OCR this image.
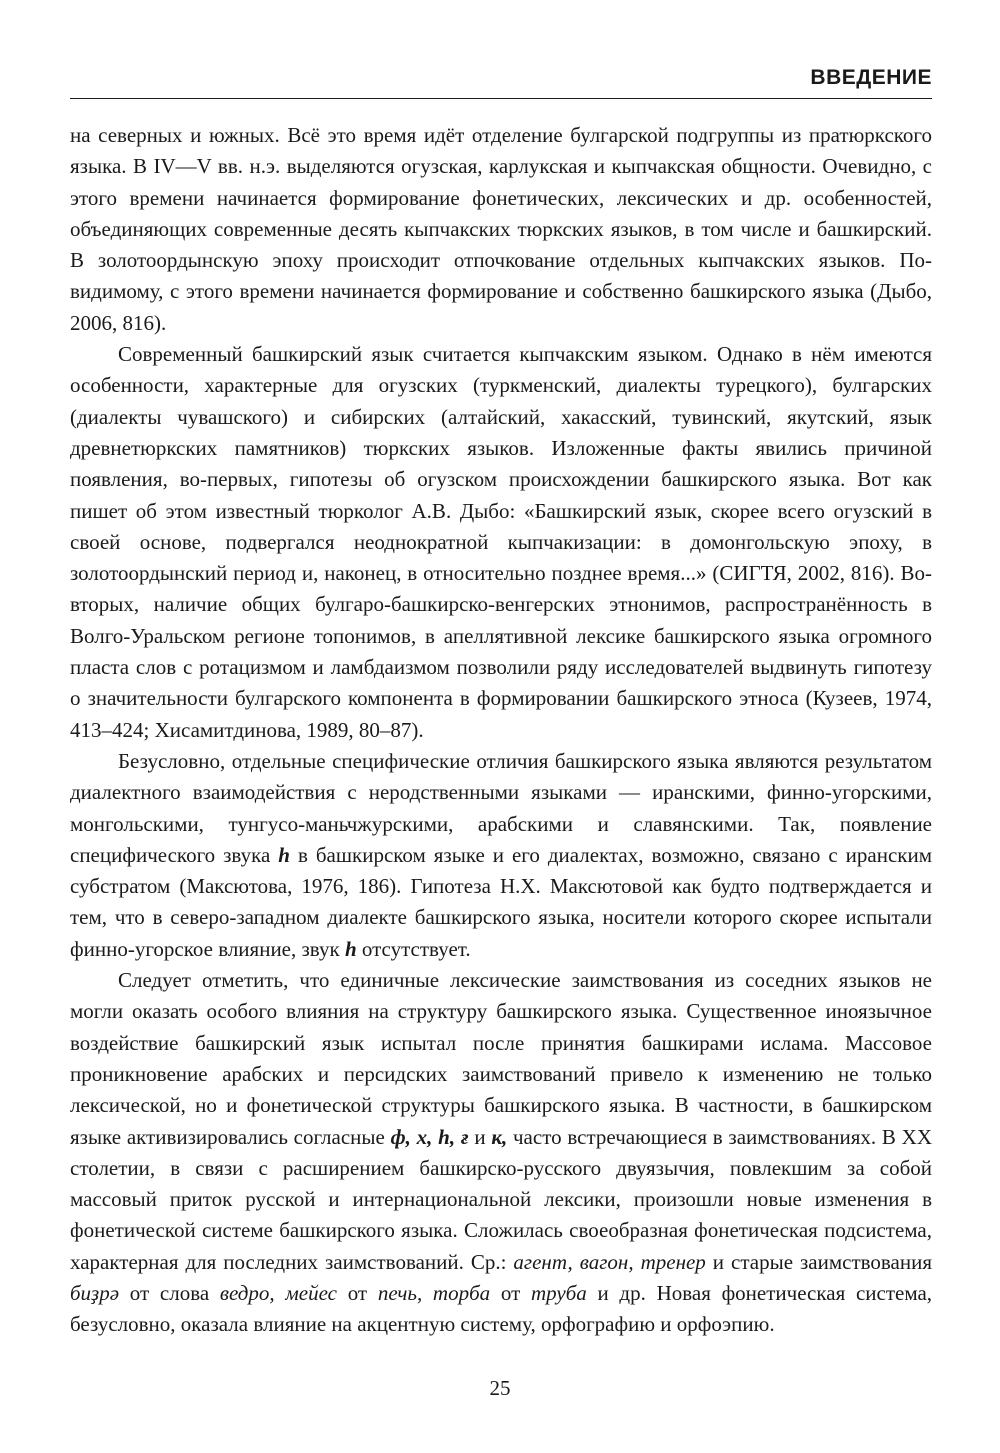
ВВЕДЕНИЕ

на северных и южных. Всё это время идёт отделение булгарской подгруппы из пратюркского языка. В IV—V вв. н.э. выделяются огузская, карлукская и кыпчакская общности. Очевидно, с этого времени начинается формирование фонетических, лексических и др. особенностей, объединяющих современные десять кыпчакских тюркских языков, в том числе и башкирский. В золотоордынскую эпоху происходит отпочкование отдельных кыпчакских языков. По-видимому, с этого времени начинается формирование и собственно башкирского языка (Дыбо, 2006, 816).

Современный башкирский язык считается кыпчакским языком. Однако в нём имеются особенности, характерные для огузских (туркменский, диалекты турецкого), булгарских (диалекты чувашского) и сибирских (алтайский, хакасский, тувинский, якутский, язык древнетюркских памятников) тюркских языков. Изложенные факты явились причиной появления, во-первых, гипотезы об огузском происхождении башкирского языка. Вот как пишет об этом известный тюрколог А.В. Дыбо: «Башкирский язык, скорее всего огузский в своей основе, подвергался неоднократной кыпчакизации: в домонгольскую эпоху, в золотоордынский период и, наконец, в относительно позднее время...» (СИГТЯ, 2002, 816). Во-вторых, наличие общих булгаро-башкирско-венгерских этнонимов, распространённость в Волго-Уральском регионе топонимов, в апеллятивной лексике башкирского языка огромного пласта слов с ротацизмом и ламбдаизмом позволили ряду исследователей выдвинуть гипотезу о значительности булгарского компонента в формировании башкирского этноса (Кузеев, 1974, 413–424; Хисамитдинова, 1989, 80–87).

Безусловно, отдельные специфические отличия башкирского языка являются результатом диалектного взаимодействия с неродственными языками — иранскими, финно-угорскими, монгольскими, тунгусо-маньчжурскими, арабскими и славянскими. Так, появление специфического звука h в башкирском языке и его диалектах, возможно, связано с иранским субстратом (Максютова, 1976, 186). Гипотеза Н.Х. Максютовой как будто подтверждается и тем, что в северо-западном диалекте башкирского языка, носители которого скорее испытали финно-угорское влияние, звук h отсутствует.

Следует отметить, что единичные лексические заимствования из соседних языков не могли оказать особого влияния на структуру башкирского языка. Существенное иноязычное воздействие башкирский язык испытал после принятия башкирами ислама. Массовое проникновение арабских и персидских заимствований привело к изменению не только лексической, но и фонетической структуры башкирского языка. В частности, в башкирском языке активизировались согласные ф, х, h, ғ и к, часто встречающиеся в заимствованиях. В XX столетии, в связи с расширением башкирско-русского двуязычия, повлекшим за собой массовый приток русской и интернациональной лексики, произошли новые изменения в фонетической системе башкирского языка. Сложилась своеобразная фонетическая подсистема, характерная для последних заимствований. Ср.: агент, вагон, тренер и старые заимствования биҙрә от слова ведро, мейес от печь, торба от труба и др. Новая фонетическая система, безусловно, оказала влияние на акцентную систему, орфографию и орфоэпию.

25
